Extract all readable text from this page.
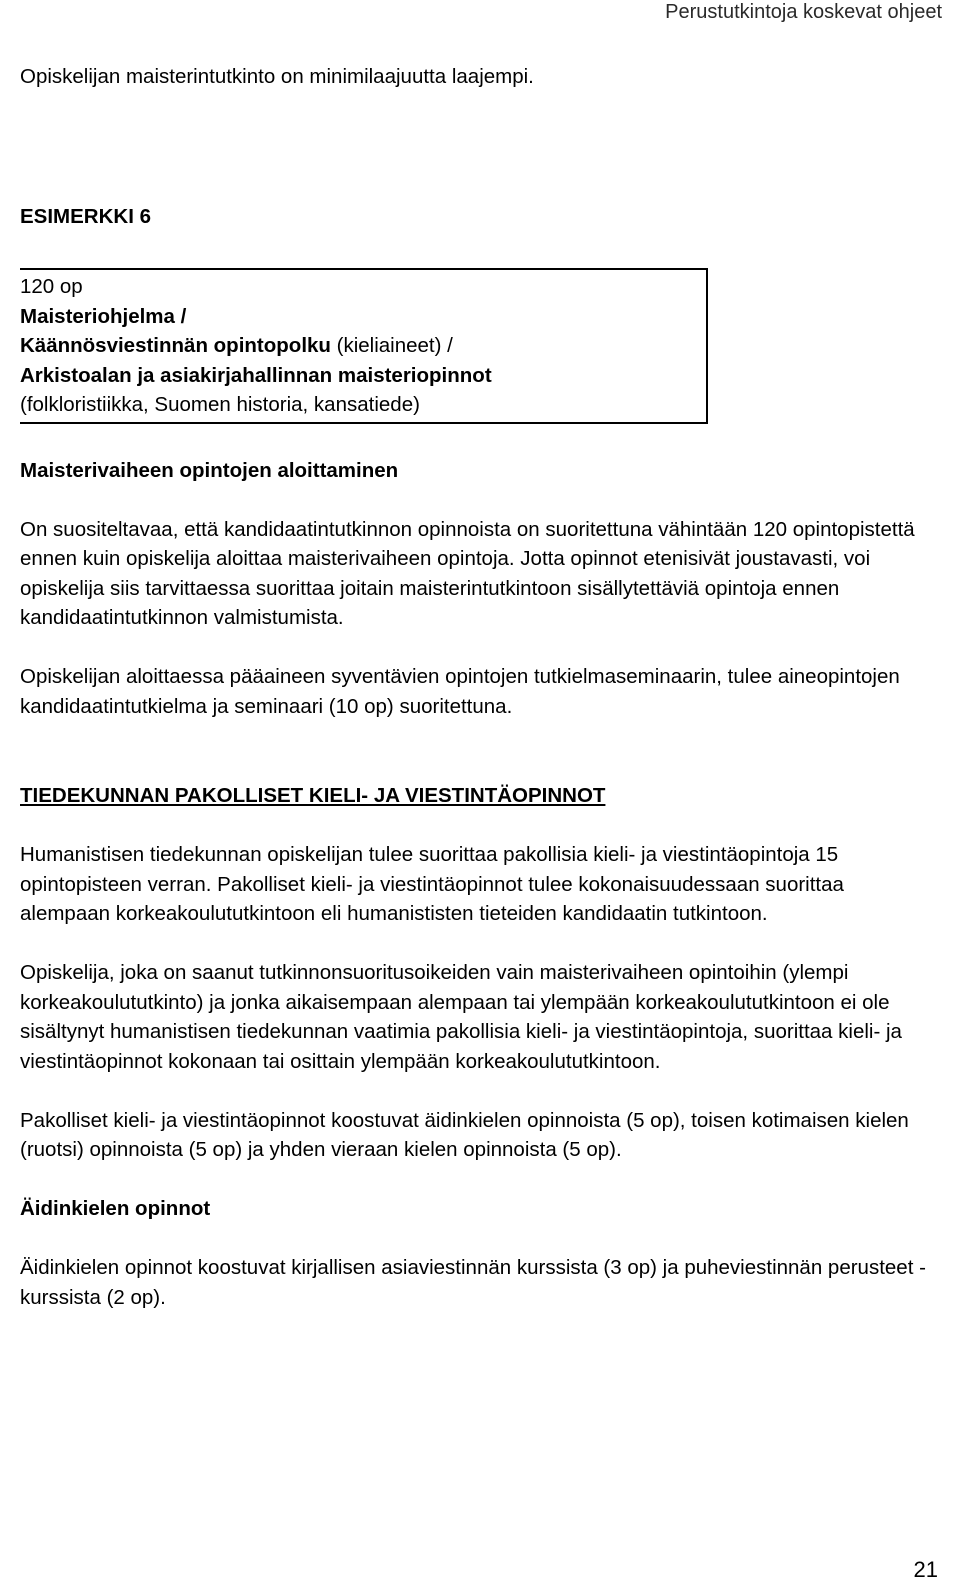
Perustutkintoja koskevat ohjeet

Opiskelijan maisterintutkinto on minimilaajuutta laajempi.

ESIMERKKI 6

120 op
Maisteriohjelma /
Käännösviestinnän opintopolku (kieliaineet) /
Arkistoalan ja asiakirjahallinnan maisteriopinnot
(folkloristiikka, Suomen historia, kansatiede)

Maisterivaiheen opintojen aloittaminen

On suositeltavaa, että kandidaatintutkinnon opinnoista on suoritettuna vähintään 120 opintopistettä ennen kuin opiskelija aloittaa maisterivaiheen opintoja. Jotta opinnot etenisivät joustavasti, voi opiskelija siis tarvittaessa suorittaa joitain maisterintutkintoon sisällytettäviä opintoja ennen kandidaatintutkinnon valmistumista.

Opiskelijan aloittaessa pääaineen syventävien opintojen tutkielmaseminaarin, tulee aineopintojen kandidaatintutkielma ja seminaari (10 op) suoritettuna.

TIEDEKUNNAN PAKOLLISET KIELI- JA VIESTINTÄOPINNOT

Humanistisen tiedekunnan opiskelijan tulee suorittaa pakollisia kieli- ja viestintäopintoja 15 opintopisteen verran. Pakolliset kieli- ja viestintäopinnot tulee kokonaisuudessaan suorittaa alempaan korkeakoulututkintoon eli humanististen tieteiden kandidaatin tutkintoon.

Opiskelija, joka on saanut tutkinnonsuoritusoikeiden vain maisterivaiheen opintoihin (ylempi korkeakoulututkinto) ja jonka aikaisempaan alempaan tai ylempään korkeakoulututkintoon ei ole sisältynyt humanistisen tiedekunnan vaatimia pakollisia kieli- ja viestintäopintoja, suorittaa kieli- ja viestintäopinnot kokonaan tai osittain ylempään korkeakoulututkintoon.

Pakolliset kieli- ja viestintäopinnot koostuvat äidinkielen opinnoista (5 op), toisen kotimaisen kielen (ruotsi) opinnoista (5 op) ja yhden vieraan kielen opinnoista (5 op).

Äidinkielen opinnot

Äidinkielen opinnot koostuvat kirjallisen asiaviestinnän kurssista (3 op) ja puheviestinnän perusteet -kurssista (2 op).

21
